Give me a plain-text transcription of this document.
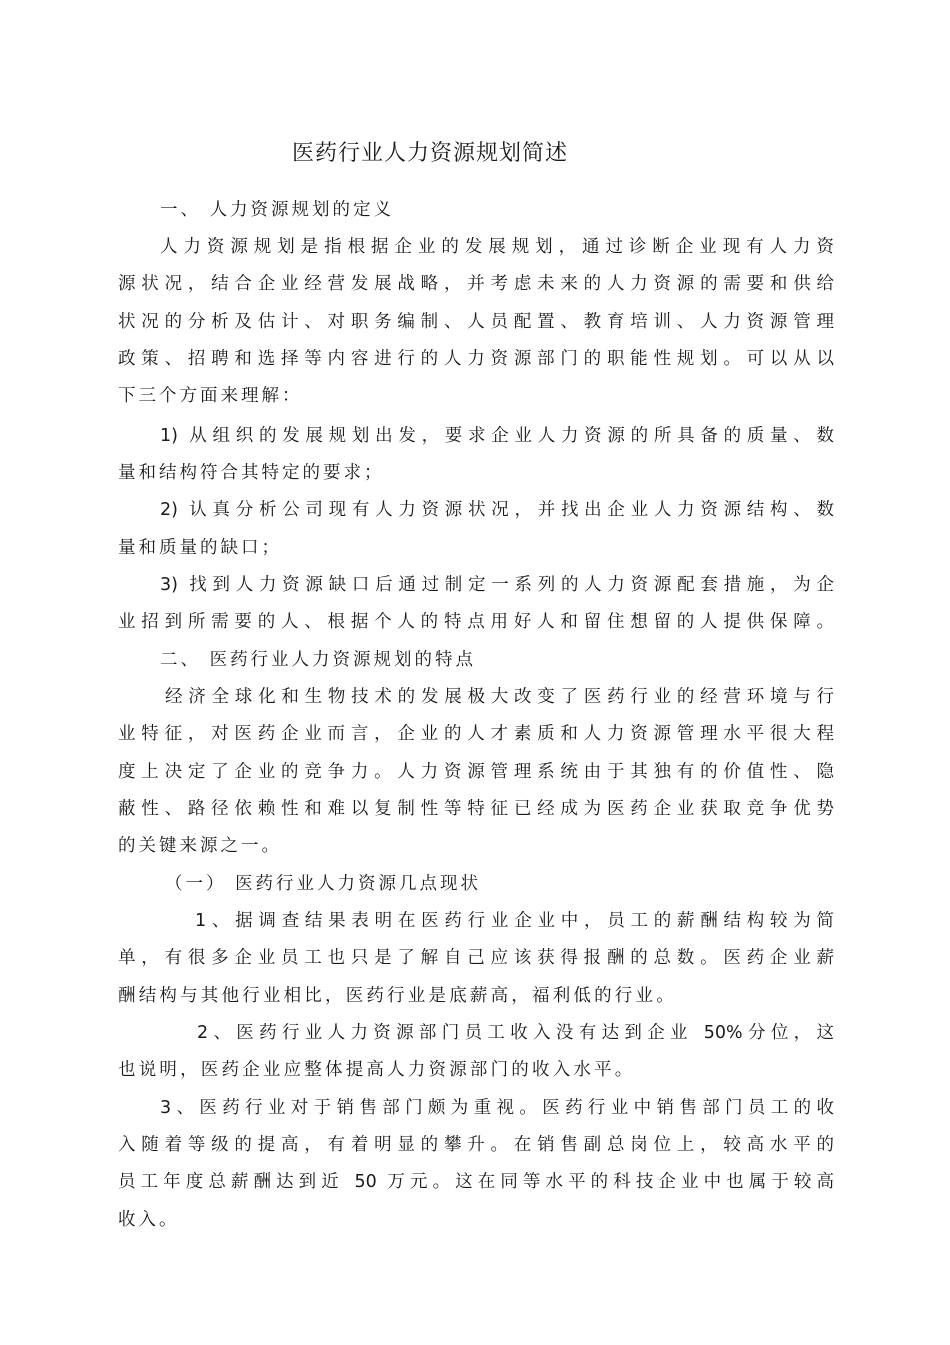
医药行业人力资源规划简述
一、 人力资源规划的定义
人力资源规划是指根据企业的发展规划，通过诊断企业现有人力资
源状况，结合企业经营发展战略，并考虑未来的人力资源的需要和供给
状况的分析及估计、对职务编制、人员配置、教育培训、人力资源管理
政策、招聘和选择等内容进行的人力资源部门的职能性规划。可以从以
下三个方面来理解：
1) 从组织的发展规划出发，要求企业人力资源的所具备的质量、数
量和结构符合其特定的要求；
2) 认真分析公司现有人力资源状况，并找出企业人力资源结构、数
量和质量的缺口；
3) 找到人力资源缺口后通过制定一系列的人力资源配套措施，为企
业招到所需要的人、根据个人的特点用好人和留住想留的人提供保障。
二、 医药行业人力资源规划的特点
经济全球化和生物技术的发展极大改变了医药行业的经营环境与行
业特征，对医药企业而言，企业的人才素质和人力资源管理水平很大程
度上决定了企业的竞争力。人力资源管理系统由于其独有的价值性、隐
蔽性、路径依赖性和难以复制性等特征已经成为医药企业获取竞争优势
的关键来源之一。
（一） 医药行业人力资源几点现状
1、据调查结果表明在医药行业企业中，员工的薪酬结构较为简
单，有很多企业员工也只是了解自己应该获得报酬的总数。医药企业薪
酬结构与其他行业相比，医药行业是底薪高，福利低的行业。
2、医药行业人力资源部门员工收入没有达到企业 50%分位，这
也说明，医药企业应整体提高人力资源部门的收入水平。
3、医药行业对于销售部门颇为重视。医药行业中销售部门员工的收
入随着等级的提高，有着明显的攀升。在销售副总岗位上，较高水平的
员工年度总薪酬达到近 50 万元。这在同等水平的科技企业中也属于较高
收入。
